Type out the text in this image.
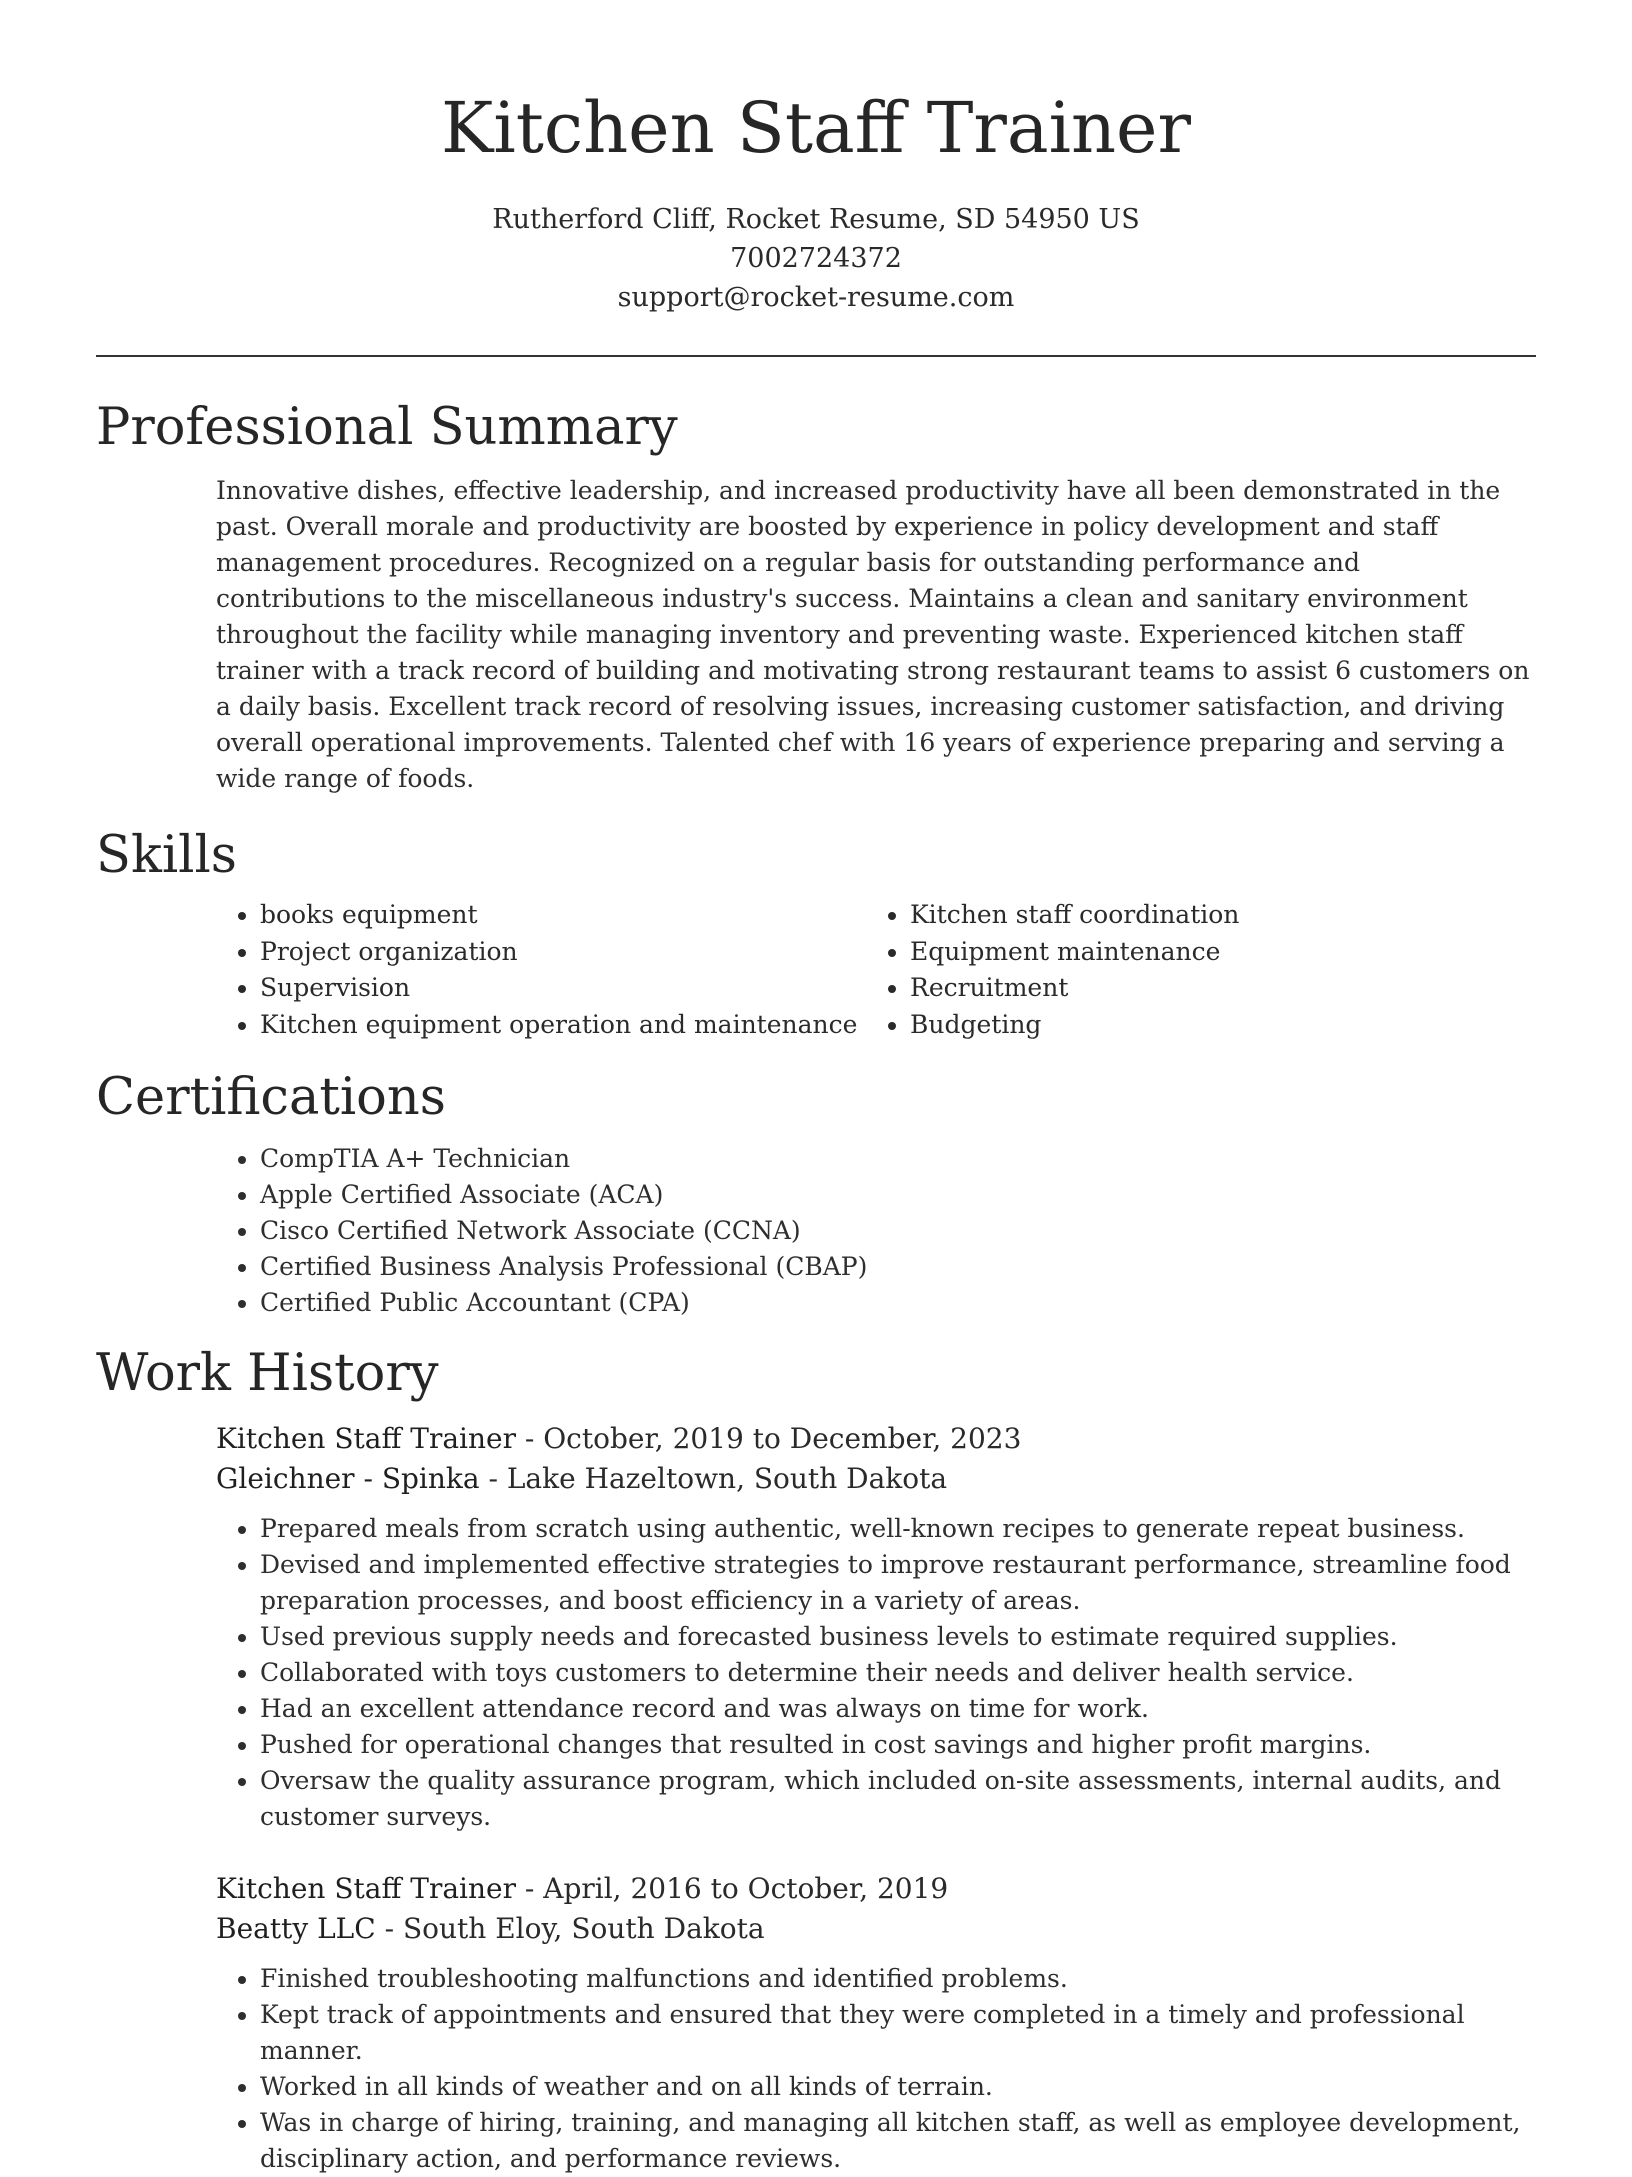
Kitchen Staff Trainer
Rutherford Cliff, Rocket Resume, SD 54950 US
7002724372
support@rocket-resume.com
Professional Summary

Innovative dishes, effective leadership, and increased productivity have all been demonstrated in the past. Overall morale and productivity are boosted by experience in policy development and staff management procedures. Recognized on a regular basis for outstanding performance and contributions to the miscellaneous industry's success. Maintains a clean and sanitary environment throughout the facility while managing inventory and preventing waste. Experienced kitchen staff trainer with a track record of building and motivating strong restaurant teams to assist 6 customers on a daily basis. Excellent track record of resolving issues, increasing customer satisfaction, and driving overall operational improvements. Talented chef with 16 years of experience preparing and serving a wide range of foods.

Skills
• books equipment
• Project organization
• Supervision
• Kitchen equipment operation and maintenance
• Kitchen staff coordination
• Equipment maintenance
• Recruitment
• Budgeting
Certifications
• CompTIA A+ Technician
• Apple Certified Associate (ACA)
• Cisco Certified Network Associate (CCNA)
• Certified Business Analysis Professional (CBAP)
• Certified Public Accountant (CPA)
Work History
Kitchen Staff Trainer - October, 2019 to December, 2023
Gleichner - Spinka - Lake Hazeltown, South Dakota
• Prepared meals from scratch using authentic, well-known recipes to generate repeat business.
• Devised and implemented effective strategies to improve restaurant performance, streamline food preparation processes, and boost efficiency in a variety of areas.
• Used previous supply needs and forecasted business levels to estimate required supplies.
• Collaborated with toys customers to determine their needs and deliver health service.
• Had an excellent attendance record and was always on time for work.
• Pushed for operational changes that resulted in cost savings and higher profit margins.
• Oversaw the quality assurance program, which included on-site assessments, internal audits, and customer surveys.
Kitchen Staff Trainer - April, 2016 to October, 2019
Beatty LLC - South Eloy, South Dakota
• Finished troubleshooting malfunctions and identified problems.
• Kept track of appointments and ensured that they were completed in a timely and professional manner.
• Worked in all kinds of weather and on all kinds of terrain.
• Was in charge of hiring, training, and managing all kitchen staff, as well as employee development, disciplinary action, and performance reviews.
